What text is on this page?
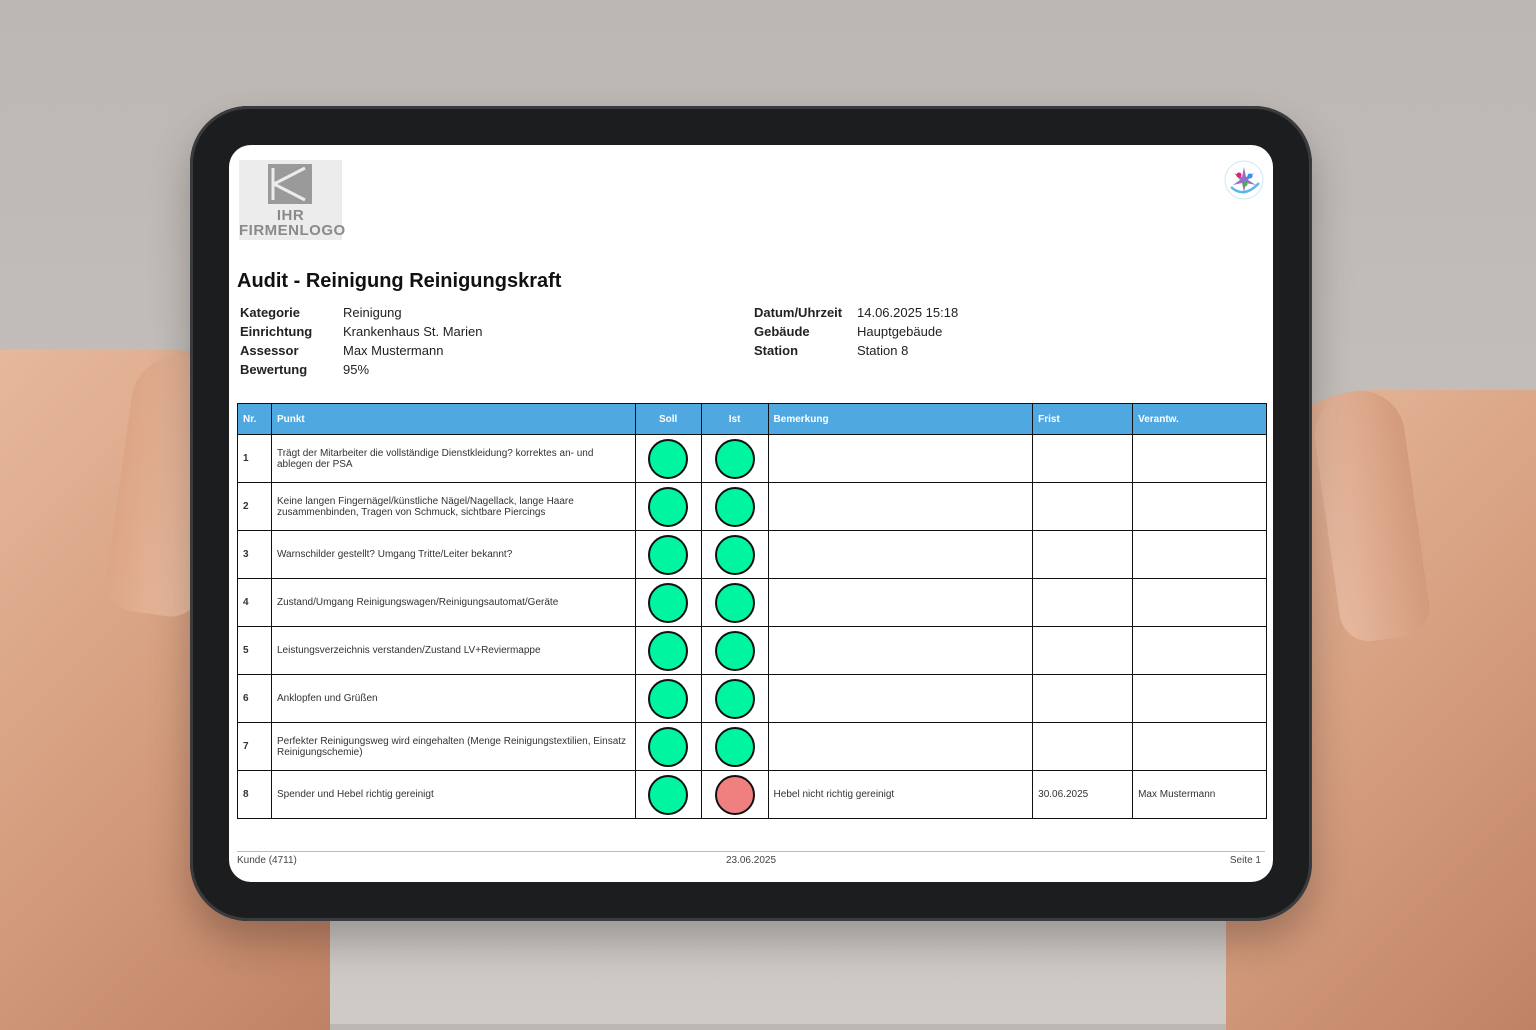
IHR
FIRMENLOGO
Audit - Reinigung Reinigungskraft
Kategorie	Reinigung
Einrichtung	Krankenhaus St. Marien
Assessor	Max Mustermann
Bewertung	95%
Datum/Uhrzeit	14.06.2025 15:18
Gebäude	Hauptgebäude
Station	Station 8
Nr.	Punkt	Soll	Ist	Bemerkung	Frist	Verantw.
1	Trägt der Mitarbeiter die vollständige Dienstkleidung? korrektes an- und ablegen der PSA					
2	Keine langen Fingernägel/künstliche Nägel/Nagellack, lange Haare zusammenbinden, Tragen von Schmuck, sichtbare Piercings					
3	Warnschilder gestellt? Umgang Tritte/Leiter bekannt?					
4	Zustand/Umgang Reinigungswagen/Reinigungsautomat/Geräte					
5	Leistungsverzeichnis verstanden/Zustand LV+Reviermappe					
6	Anklopfen und Grüßen					
7	Perfekter Reinigungsweg wird eingehalten (Menge Reinigungstextilien, Einsatz Reinigungschemie)					
8	Spender und Hebel richtig gereinigt			Hebel nicht richtig gereinigt	30.06.2025	Max Mustermann
Kunde (4711)	23.06.2025	Seite 1
